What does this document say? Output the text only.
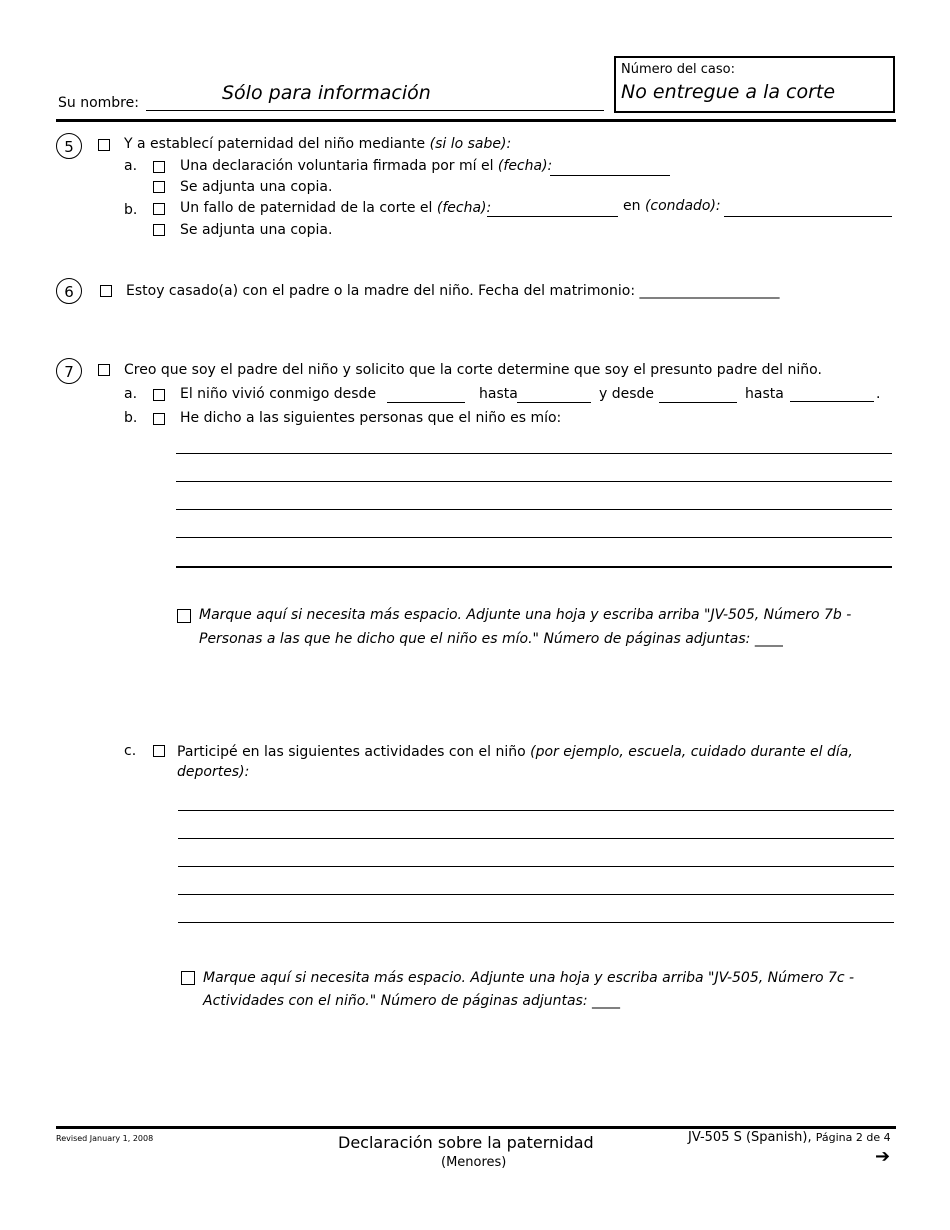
Su nombre:	Sólo para información
Número del caso:
No entregue a la corte
5	Y a establecí paternidad del niño mediante (si lo sabe):
a.	Una declaración voluntaria firmada por mí el (fecha):
Se adjunta una copia.
b.	Un fallo de paternidad de la corte el (fecha):	en (condado):
Se adjunta una copia.
6	Estoy casado(a) con el padre o la madre del niño. Fecha del matrimonio: ____________________
7	Creo que soy el padre del niño y solicito que la corte determine que soy el presunto padre del niño.
a.	El niño vivió conmigo desde	hasta	y desde	hasta	.
b.	He dicho a las siguientes personas que el niño es mío:
Marque aquí si necesita más espacio. Adjunte una hoja y escriba arriba "JV-505, Número 7b -
Personas a las que he dicho que el niño es mío." Número de páginas adjuntas: ____
c.	Participé en las siguientes actividades con el niño (por ejemplo, escuela, cuidado durante el día,
deportes):
Marque aquí si necesita más espacio. Adjunte una hoja y escriba arriba "JV-505, Número 7c -
Actividades con el niño." Número de páginas adjuntas: ____
Revised January 1, 2008	Declaración sobre la paternidad
(Menores)
JV-505 S (Spanish), Página 2 de 4
➔
